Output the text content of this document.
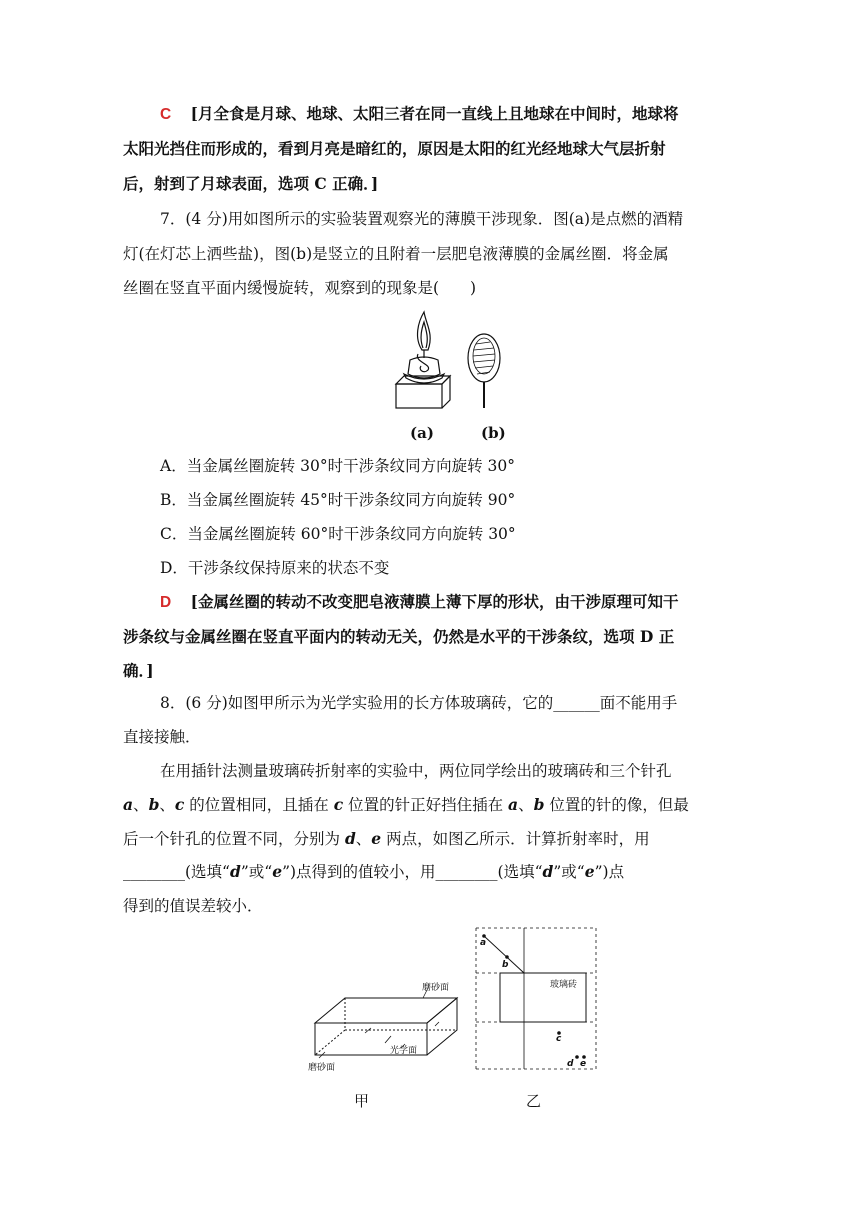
C [月全食是月球、地球、太阳三者在同一直线上且地球在中间时，地球将
太阳光挡住而形成的，看到月亮是暗红的，原因是太阳的红光经地球大气层折射
后，射到了月球表面，选项 C 正确．]
7．(4 分)用如图所示的实验装置观察光的薄膜干涉现象．图(a)是点燃的酒精
灯(在灯芯上洒些盐)，图(b)是竖立的且附着一层肥皂液薄膜的金属丝圈．将金属
丝圈在竖直平面内缓慢旋转，观察到的现象是(　　)
(a)	(b)
A．当金属丝圈旋转 30°时干涉条纹同方向旋转 30°
B．当金属丝圈旋转 45°时干涉条纹同方向旋转 90°
C．当金属丝圈旋转 60°时干涉条纹同方向旋转 30°
D．干涉条纹保持原来的状态不变
D [金属丝圈的转动不改变肥皂液薄膜上薄下厚的形状，由干涉原理可知干
涉条纹与金属丝圈在竖直平面内的转动无关，仍然是水平的干涉条纹，选项 D 正
确．]
8．(6 分)如图甲所示为光学实验用的长方体玻璃砖，它的______面不能用手
直接接触．
在用插针法测量玻璃砖折射率的实验中，两位同学绘出的玻璃砖和三个针孔
a、b、c 的位置相同，且插在 c 位置的针正好挡住插在 a、b 位置的针的像，但最
后一个针孔的位置不同，分别为 d、e 两点，如图乙所示．计算折射率时，用
________(选填“d”或“e”)点得到的值较小，用________(选填“d”或“e”)点
得到的值误差较小．
磨砂面
光学面
磨砂面
甲
a
b
玻璃砖
c
d e
乙
